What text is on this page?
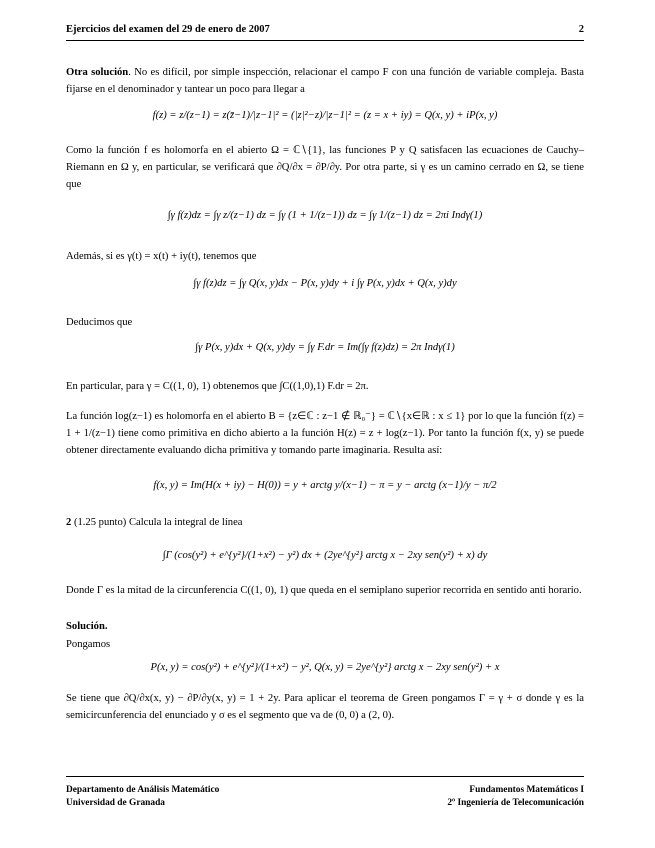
Ejercicios del examen del 29 de enero de 2007	2
Otra solución. No es difícil, por simple inspección, relacionar el campo F con una función de variable compleja. Basta fijarse en el denominador y tantear un poco para llegar a
f(z) = z/(z−1) = z(z̄−1)/|z−1|² = (|z|²−z)/|z−1|² = (z = x + iy) = Q(x, y) + iP(x, y)
Como la función f es holomorfa en el abierto Ω = ℂ∖{1}, las funciones P y Q satisfacen las ecuaciones de Cauchy–Riemann en Ω y, en particular, se verificará que ∂Q/∂x = ∂P/∂y. Por otra parte, si γ es un camino cerrado en Ω, se tiene que
∫γ f(z)dz = ∫γ z/(z−1) dz = ∫γ (1 + 1/(z−1)) dz = ∫γ 1/(z−1) dz = 2πi Indγ(1)
Además, si es γ(t) = x(t) + iy(t), tenemos que
∫γ f(z)dz = ∫γ Q(x, y)dx − P(x, y)dy + i ∫γ P(x, y)dx + Q(x, y)dy
Deducimos que
∫γ P(x, y)dx + Q(x, y)dy = ∫γ F.dr = Im(∫γ f(z)dz) = 2π Indγ(1)
En particular, para γ = C((1, 0), 1) obtenemos que ∫C((1,0),1) F.dr = 2π.
La función log(z−1) es holomorfa en el abierto B = {z∈ℂ : z−1 ∉ ℝ₀⁻} = ℂ∖{x∈ℝ : x ≤ 1} por lo que la función f(z) = 1 + 1/(z−1) tiene como primitiva en dicho abierto a la función H(z) = z + log(z−1). Por tanto la función f(x, y) se puede obtener directamente evaluando dicha primitiva y tomando parte imaginaria. Resulta así:
f(x, y) = Im(H(x + iy) − H(0)) = y + arctg y/(x−1) − π = y − arctg (x−1)/y − π/2
2 (1.25 punto) Calcula la integral de línea
∫Γ (cos(y²) + e^{y²}/(1+x²) − y²) dx + (2ye^{y²} arctg x − 2xy sen(y²) + x) dy
Donde Γ es la mitad de la circunferencia C((1, 0), 1) que queda en el semiplano superior recorrida en sentido anti horario.
Solución.
Pongamos
P(x, y) = cos(y²) + e^{y²}/(1+x²) − y², Q(x, y) = 2ye^{y²} arctg x − 2xy sen(y²) + x
Se tiene que ∂Q/∂x(x, y) − ∂P/∂y(x, y) = 1 + 2y. Para aplicar el teorema de Green pongamos Γ = γ + σ donde γ es la semicircunferencia del enunciado y σ es el segmento que va de (0, 0) a (2, 0).
Departamento de Análisis Matemático
Universidad de Granada
Fundamentos Matemáticos I
2º Ingeniería de Telecomunicación
